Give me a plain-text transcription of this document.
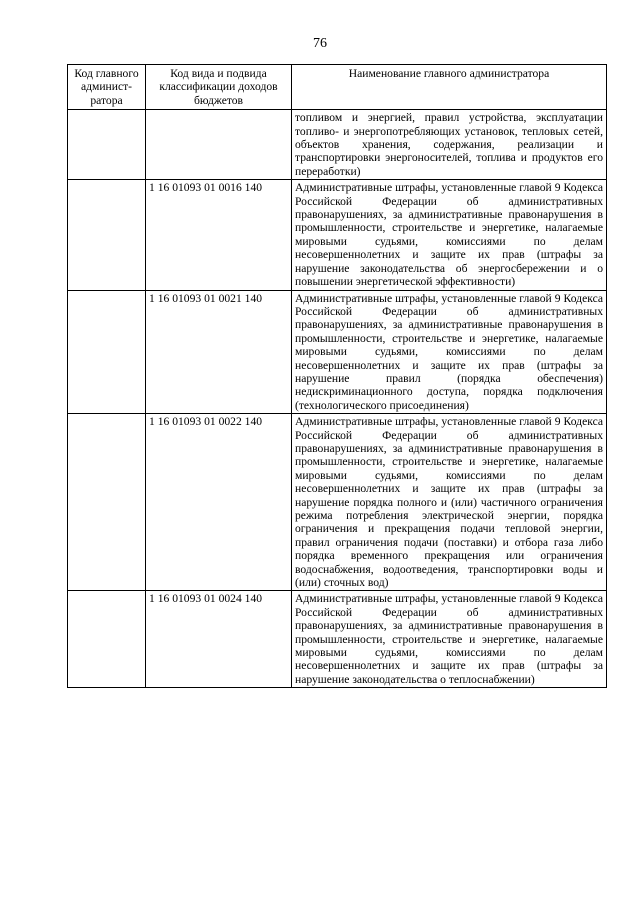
76
Код главного админист-ратора	Код вида и подвида классификации доходов бюджетов	Наименование главного администратора
		топливом и энергией, правил устройства, эксплуатации топливо- и энергопотребляющих установок, тепловых сетей, объектов хранения, содержания, реализации и транспортировки энергоносителей, топлива и продуктов его переработки)
	1 16 01093 01 0016 140	Административные штрафы, установленные главой 9 Кодекса Российской Федерации об административных правонарушениях, за административные правонарушения в промышленности, строительстве и энергетике, налагаемые мировыми судьями, комиссиями по делам несовершеннолетних и защите их прав (штрафы за нарушение законодательства об энергосбережении и о повышении энергетической эффективности)
	1 16 01093 01 0021 140	Административные штрафы, установленные главой 9 Кодекса Российской Федерации об административных правонарушениях, за административные правонарушения в промышленности, строительстве и энергетике, налагаемые мировыми судьями, комиссиями по делам несовершеннолетних и защите их прав (штрафы за нарушение правил (порядка обеспечения) недискриминационного доступа, порядка подключения (технологического присоединения)
	1 16 01093 01 0022 140	Административные штрафы, установленные главой 9 Кодекса Российской Федерации об административных правонарушениях, за административные правонарушения в промышленности, строительстве и энергетике, налагаемые мировыми судьями, комиссиями по делам несовершеннолетних и защите их прав (штрафы за нарушение порядка полного и (или) частичного ограничения режима потребления электрической энергии, порядка ограничения и прекращения подачи тепловой энергии, правил ограничения подачи (поставки) и отбора газа либо порядка временного прекращения или ограничения водоснабжения, водоотведения, транспортировки воды и (или) сточных вод)
	1 16 01093 01 0024 140	Административные штрафы, установленные главой 9 Кодекса Российской Федерации об административных правонарушениях, за административные правонарушения в промышленности, строительстве и энергетике, налагаемые мировыми судьями, комиссиями по делам несовершеннолетних и защите их прав (штрафы за нарушение законодательства о теплоснабжении)
